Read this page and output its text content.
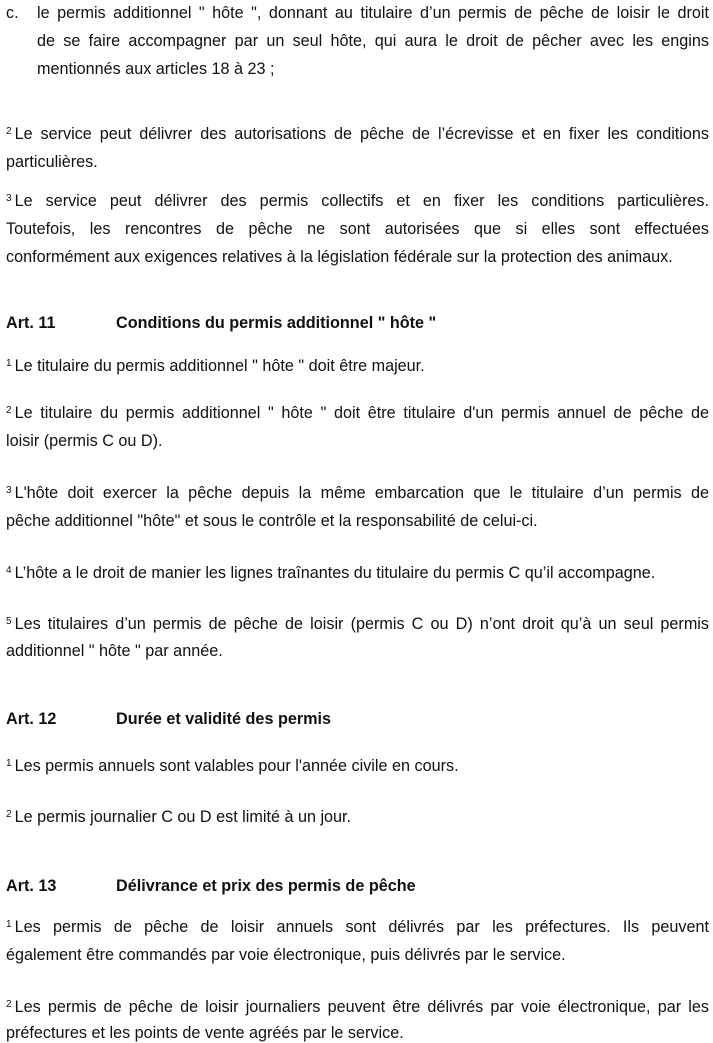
c. le permis additionnel " hôte ", donnant au titulaire d’un permis de pêche de loisir le droit
de se faire accompagner par un seul hôte, qui aura le droit de pêcher avec les engins
mentionnés aux articles 18 à 23 ;
$^2$ Le service peut délivrer des autorisations de pêche de l’écrevisse et en fixer les conditions
particulières.
$^3$ Le service peut délivrer des permis collectifs et en fixer les conditions particulières.
Toutefois, les rencontres de pêche ne sont autorisées que si elles sont effectuées
conformément aux exigences relatives à la législation fédérale sur la protection des animaux.
Art. 11	Conditions du permis additionnel " hôte "
$^1$ Le titulaire du permis additionnel " hôte " doit être majeur.
$^2$ Le titulaire du permis additionnel " hôte " doit être titulaire d'un permis annuel de pêche de
loisir (permis C ou D).
$^3$ L'hôte doit exercer la pêche depuis la même embarcation que le titulaire d’un permis de
pêche additionnel "hôte" et sous le contrôle et la responsabilité de celui-ci.
$^4$ L’hôte a le droit de manier les lignes traînantes du titulaire du permis C qu’il accompagne.
$^5$ Les titulaires d’un permis de pêche de loisir (permis C ou D) n’ont droit qu’à un seul permis
additionnel " hôte " par année.
Art. 12	Durée et validité des permis
$^1$ Les permis annuels sont valables pour l'année civile en cours.
$^2$ Le permis journalier C ou D est limité à un jour.
Art. 13	Délivrance et prix des permis de pêche
$^1$ Les permis de pêche de loisir annuels sont délivrés par les préfectures. Ils peuvent
également être commandés par voie électronique, puis délivrés par le service.
$^2$ Les permis de pêche de loisir journaliers peuvent être délivrés par voie électronique, par les
préfectures et les points de vente agréés par le service.
